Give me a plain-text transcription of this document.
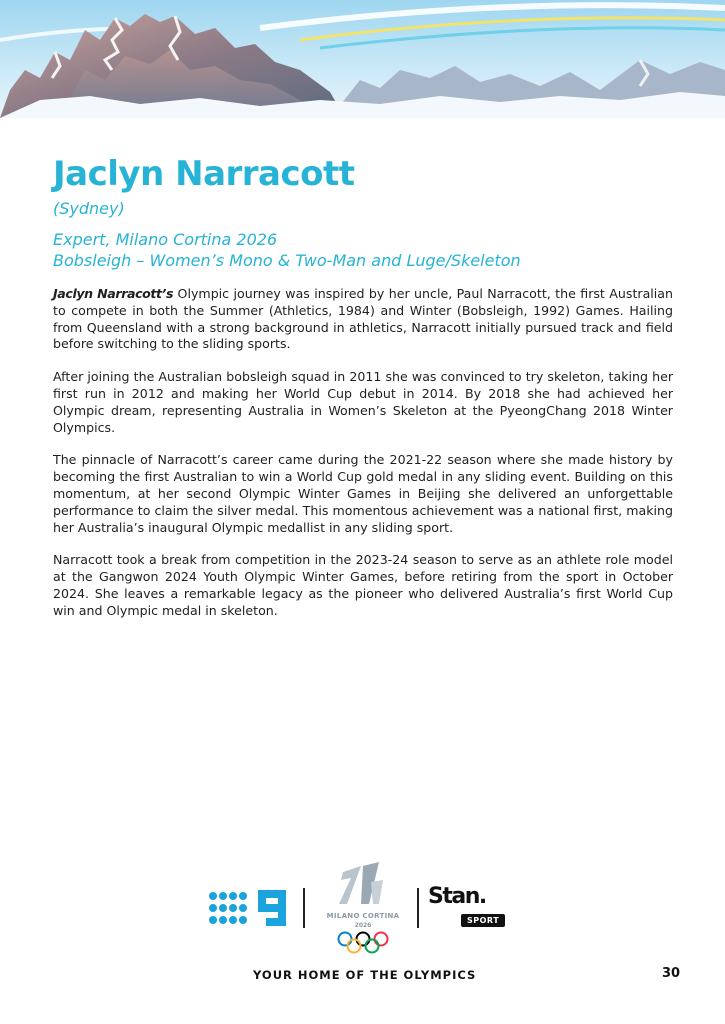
Jaclyn Narracott

(Sydney)

Expert, Milano Cortina 2026

Bobsleigh – Women’s Mono & Two-Man and Luge/Skeleton

Jaclyn Narracott’s Olympic journey was inspired by her uncle, Paul Narracott, the first Australian to compete in both the Summer (Athletics, 1984) and Winter (Bobsleigh, 1992) Games. Hailing from Queensland with a strong background in athletics, Narracott initially pursued track and field before switching to the sliding sports.

After joining the Australian bobsleigh squad in 2011 she was convinced to try skeleton, taking her first run in 2012 and making her World Cup debut in 2014. By 2018 she had achieved her Olympic dream, representing Australia in Women’s Skeleton at the PyeongChang 2018 Winter Olympics.

The pinnacle of Narracott’s career came during the 2021-22 season where she made history by becoming the first Australian to win a World Cup gold medal in any sliding event. Building on this momentum, at her second Olympic Winter Games in Beijing she delivered an unforgettable performance to claim the silver medal. This momentous achievement was a national first, making her Australia’s inaugural Olympic medallist in any sliding sport.

Narracott took a break from competition in the 2023-24 season to serve as an athlete role model at the Gangwon 2024 Youth Olympic Winter Games, before retiring from the sport in October 2024. She leaves a remarkable legacy as the pioneer who delivered Australia’s first World Cup win and Olympic medal in skeleton.

MILANO CORTINA
2026
Stan.
SPORT
YOUR HOME OF THE OLYMPICS	30
